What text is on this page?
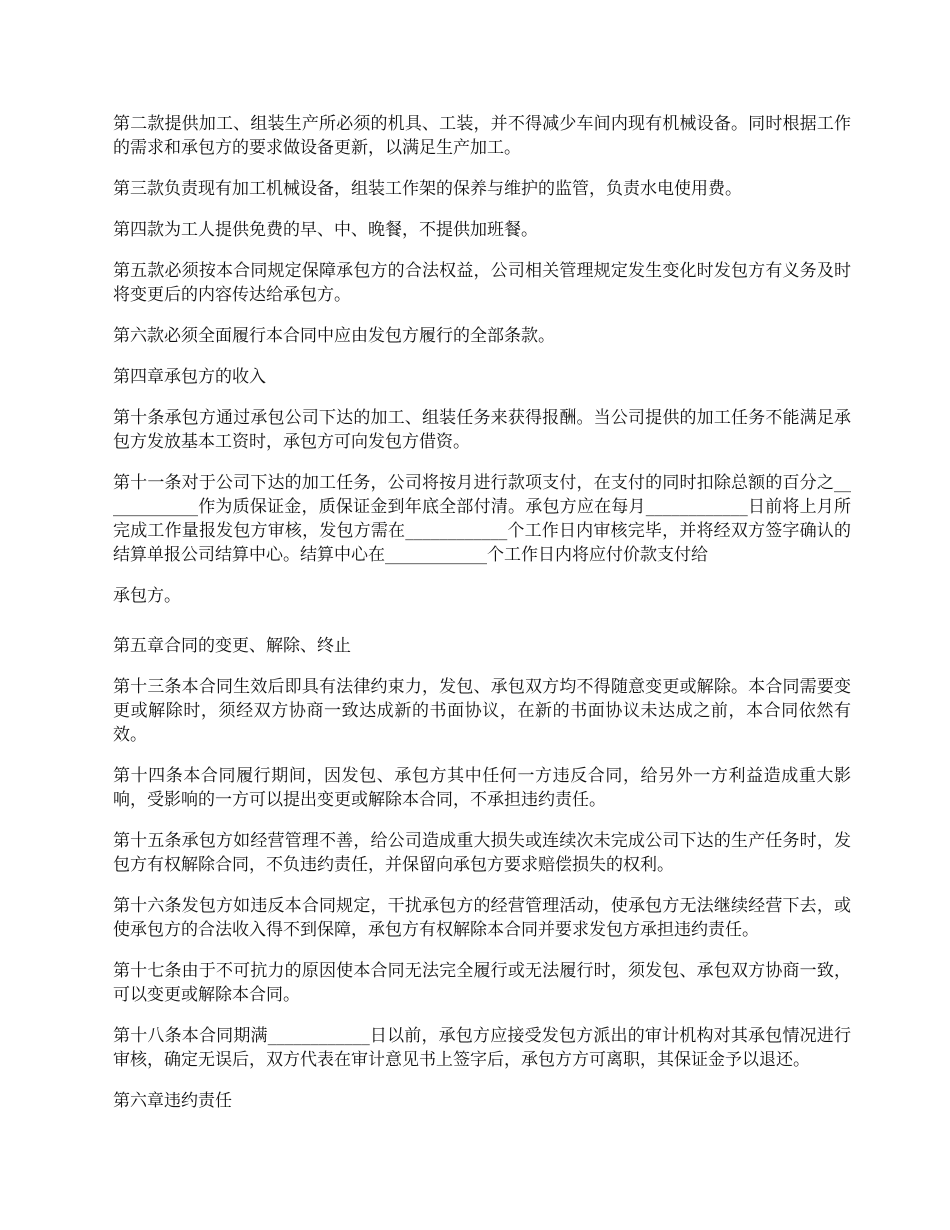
第二款提供加工、组装生产所必须的机具、工装，并不得减少车间内现有机械设备。同时根据工作的需求和承包方的要求做设备更新，以满足生产加工。

第三款负责现有加工机械设备，组装工作架的保养与维护的监管，负责水电使用费。

第四款为工人提供免费的早、中、晚餐，不提供加班餐。

第五款必须按本合同规定保障承包方的合法权益，公司相关管理规定发生变化时发包方有义务及时将变更后的内容传达给承包方。

第六款必须全面履行本合同中应由发包方履行的全部条款。

第四章承包方的收入

第十条承包方通过承包公司下达的加工、组装任务来获得报酬。当公司提供的加工任务不能满足承包方发放基本工资时，承包方可向发包方借资。

第十一条对于公司下达的加工任务，公司将按月进行款项支付，在支付的同时扣除总额的百分之____________作为质保证金，质保证金到年底全部付清。承包方应在每月____________日前将上月所完成工作量报发包方审核，发包方需在____________个工作日内审核完毕，并将经双方签字确认的结算单报公司结算中心。结算中心在____________个工作日内将应付价款支付给

承包方。

第五章合同的变更、解除、终止

第十三条本合同生效后即具有法律约束力，发包、承包双方均不得随意变更或解除。本合同需要变更或解除时，须经双方协商一致达成新的书面协议，在新的书面协议未达成之前，本合同依然有效。

第十四条本合同履行期间，因发包、承包方其中任何一方违反合同，给另外一方利益造成重大影响，受影响的一方可以提出变更或解除本合同，不承担违约责任。

第十五条承包方如经营管理不善，给公司造成重大损失或连续次未完成公司下达的生产任务时，发包方有权解除合同，不负违约责任，并保留向承包方要求赔偿损失的权利。

第十六条发包方如违反本合同规定，干扰承包方的经营管理活动，使承包方无法继续经营下去，或使承包方的合法收入得不到保障，承包方有权解除本合同并要求发包方承担违约责任。

第十七条由于不可抗力的原因使本合同无法完全履行或无法履行时，须发包、承包双方协商一致，可以变更或解除本合同。

第十八条本合同期满____________日以前，承包方应接受发包方派出的审计机构对其承包情况进行审核，确定无误后，双方代表在审计意见书上签字后，承包方方可离职，其保证金予以退还。

第六章违约责任
